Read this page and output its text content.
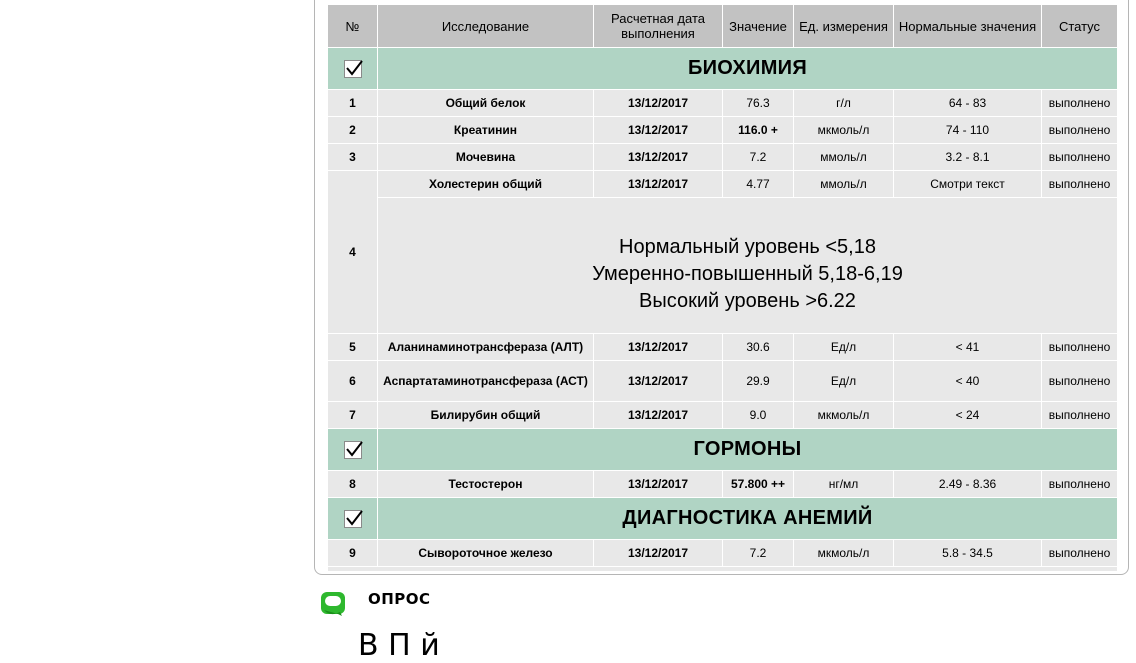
№	Исследование	Расчетная дата выполнения	Значение	Ед. измерения	Нормальные значения	Статус

	БИОХИМИЯ					
1	Общий белок	13/12/2017	76.3	г/л	64 - 83	выполнено
2	Креатинин	13/12/2017	116.0 +	мкмоль/л	74 - 110	выполнено
3	Мочевина	13/12/2017	7.2	ммоль/л	3.2 - 8.1	выполнено
4	Холестерин общий	13/12/2017	4.77	ммоль/л	Смотри текст	выполнено

	Нормальный уровень <5,18
Умеренно-повышенный 5,18-6,19
Высокий уровень >6.22					

5	Аланинаминотрансфераза (АЛТ)	13/12/2017	30.6	Ед/л	< 41	выполнено
6	Аспартатаминотрансфераза (АСТ)	13/12/2017	29.9	Ед/л	< 40	выполнено
7	Билирубин общий	13/12/2017	9.0	мкмоль/л	< 24	выполнено

	ГОРМОНЫ					
8	Тестостерон	13/12/2017	57.800 ++	нг/мл	2.49 - 8.36	выполнено

	ДИАГНОСТИКА АНЕМИЙ					
9	Сывороточное железо	13/12/2017	7.2	мкмоль/л	5.8 - 34.5	выполнено

ОПРОС
В П й
